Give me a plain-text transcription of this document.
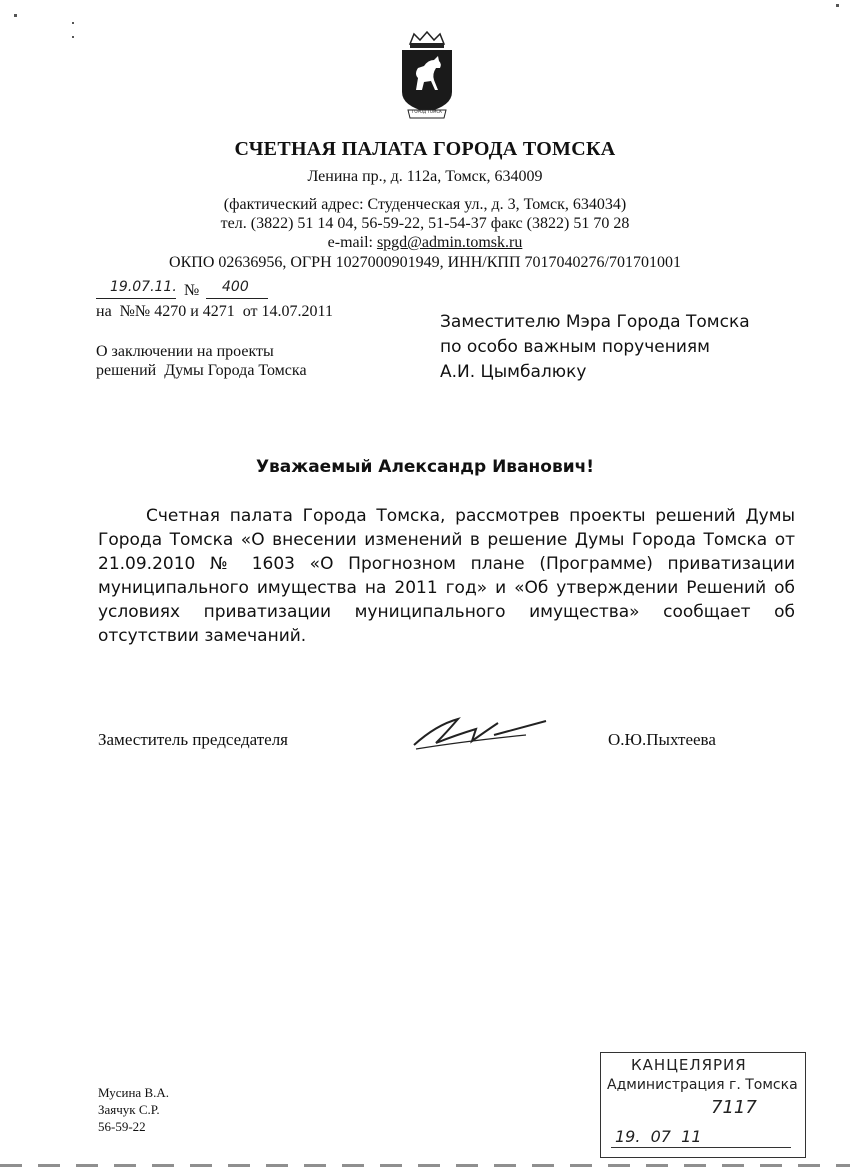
ГОРОД ТОМСК
СЧЕТНАЯ ПАЛАТА ГОРОДА ТОМСКА
Ленина пр., д. 112а, Томск, 634009
(фактический адрес: Студенческая ул., д. 3, Томск, 634034)
тел. (3822) 51 14 04, 56-59-22, 51-54-37 факс (3822) 51 70 28
e-mail: spgd@admin.tomsk.ru
ОКПО 02636956, ОГРН 1027000901949, ИНН/КПП 7017040276/701701001
19.07.11. № 400
на  №№ 4270 и 4271  от 14.07.2011
О заключении на проекты
решений  Думы Города Томска
Заместителю Мэра Города Томска
по особо важным поручениям
А.И. Цымбалюку
Уважаемый Александр Иванович!
Счетная палата Города Томска, рассмотрев проекты решений Думы Города Томска «О внесении изменений в решение Думы Города Томска от 21.09.2010 № 1603 «О Прогнозном плане (Программе) приватизации муниципального имущества на 2011 год» и «Об утверждении Решений об условиях приватизации муниципального имущества» сообщает об отсутствии замечаний.
Заместитель председателя	О.Ю.Пыхтеева
Мусина В.А.
Заячук С.Р.
56-59-22
КАНЦЕЛЯРИЯ
Администрация г. Томска
7117
19.  07  11
